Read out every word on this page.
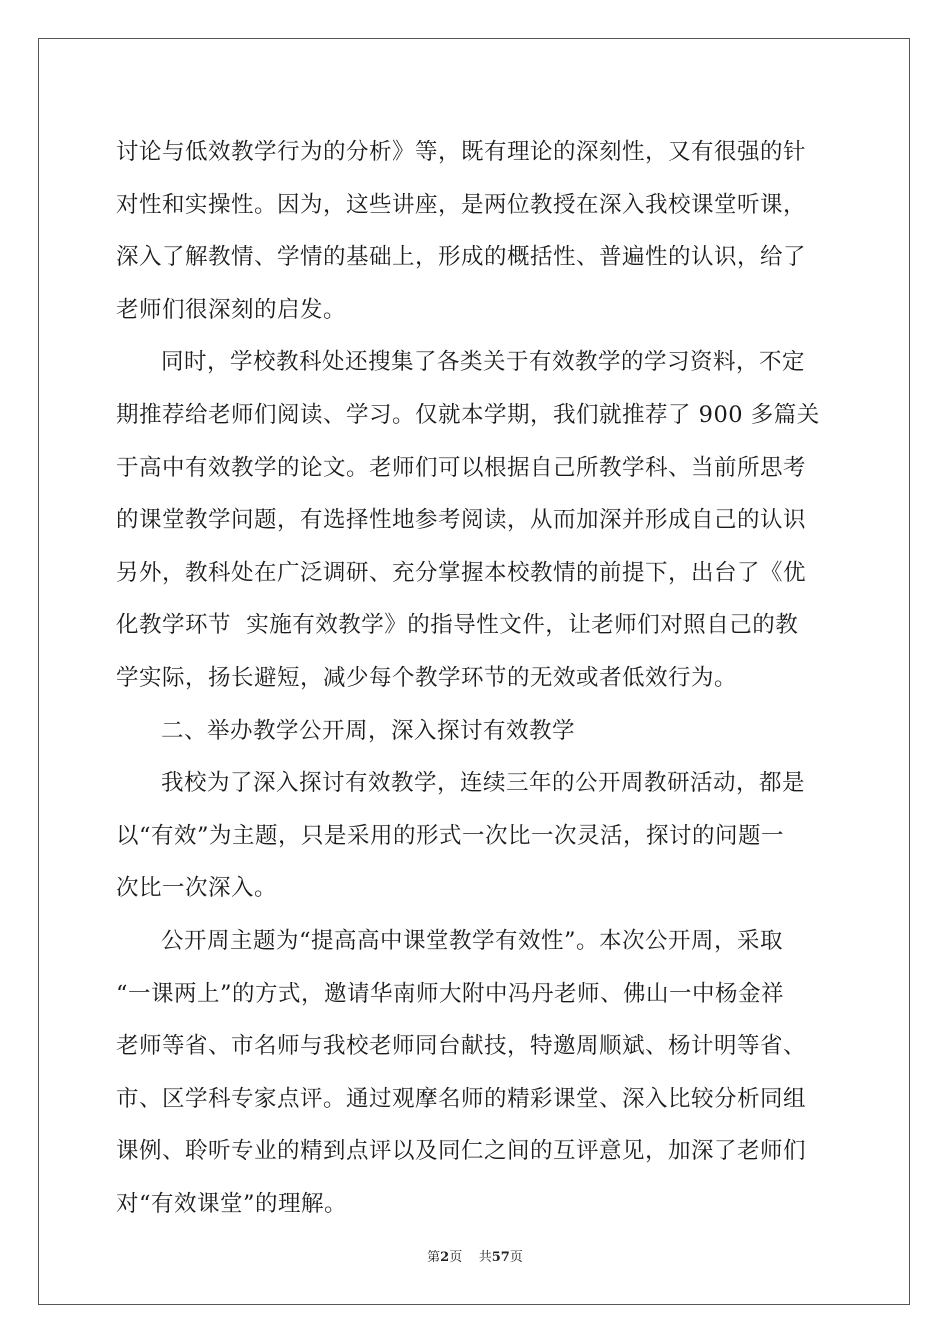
讨论与低效教学行为的分析》等，既有理论的深刻性，又有很强的针
对性和实操性。因为，这些讲座，是两位教授在深入我校课堂听课，
深入了解教情、学情的基础上，形成的概括性、普遍性的认识，给了
老师们很深刻的启发。
同时，学校教科处还搜集了各类关于有效教学的学习资料，不定
期推荐给老师们阅读、学习。仅就本学期，我们就推荐了 900 多篇关
于高中有效教学的论文。老师们可以根据自己所教学科、当前所思考
的课堂教学问题，有选择性地参考阅读，从而加深并形成自己的认识
另外，教科处在广泛调研、充分掌握本校教情的前提下，出台了《优
化教学环节  实施有效教学》的指导性文件，让老师们对照自己的教
学实际，扬长避短，减少每个教学环节的无效或者低效行为。
二、举办教学公开周，深入探讨有效教学
我校为了深入探讨有效教学，连续三年的公开周教研活动，都是
以“有效”为主题，只是采用的形式一次比一次灵活，探讨的问题一
次比一次深入。
公开周主题为“提高高中课堂教学有效性”。本次公开周，采取
“一课两上”的方式，邀请华南师大附中冯丹老师、佛山一中杨金祥
老师等省、市名师与我校老师同台献技，特邀周顺斌、杨计明等省、
市、区学科专家点评。通过观摩名师的精彩课堂、深入比较分析同组
课例、聆听专业的精到点评以及同仁之间的互评意见，加深了老师们
对“有效课堂”的理解。
第2页 共57页
